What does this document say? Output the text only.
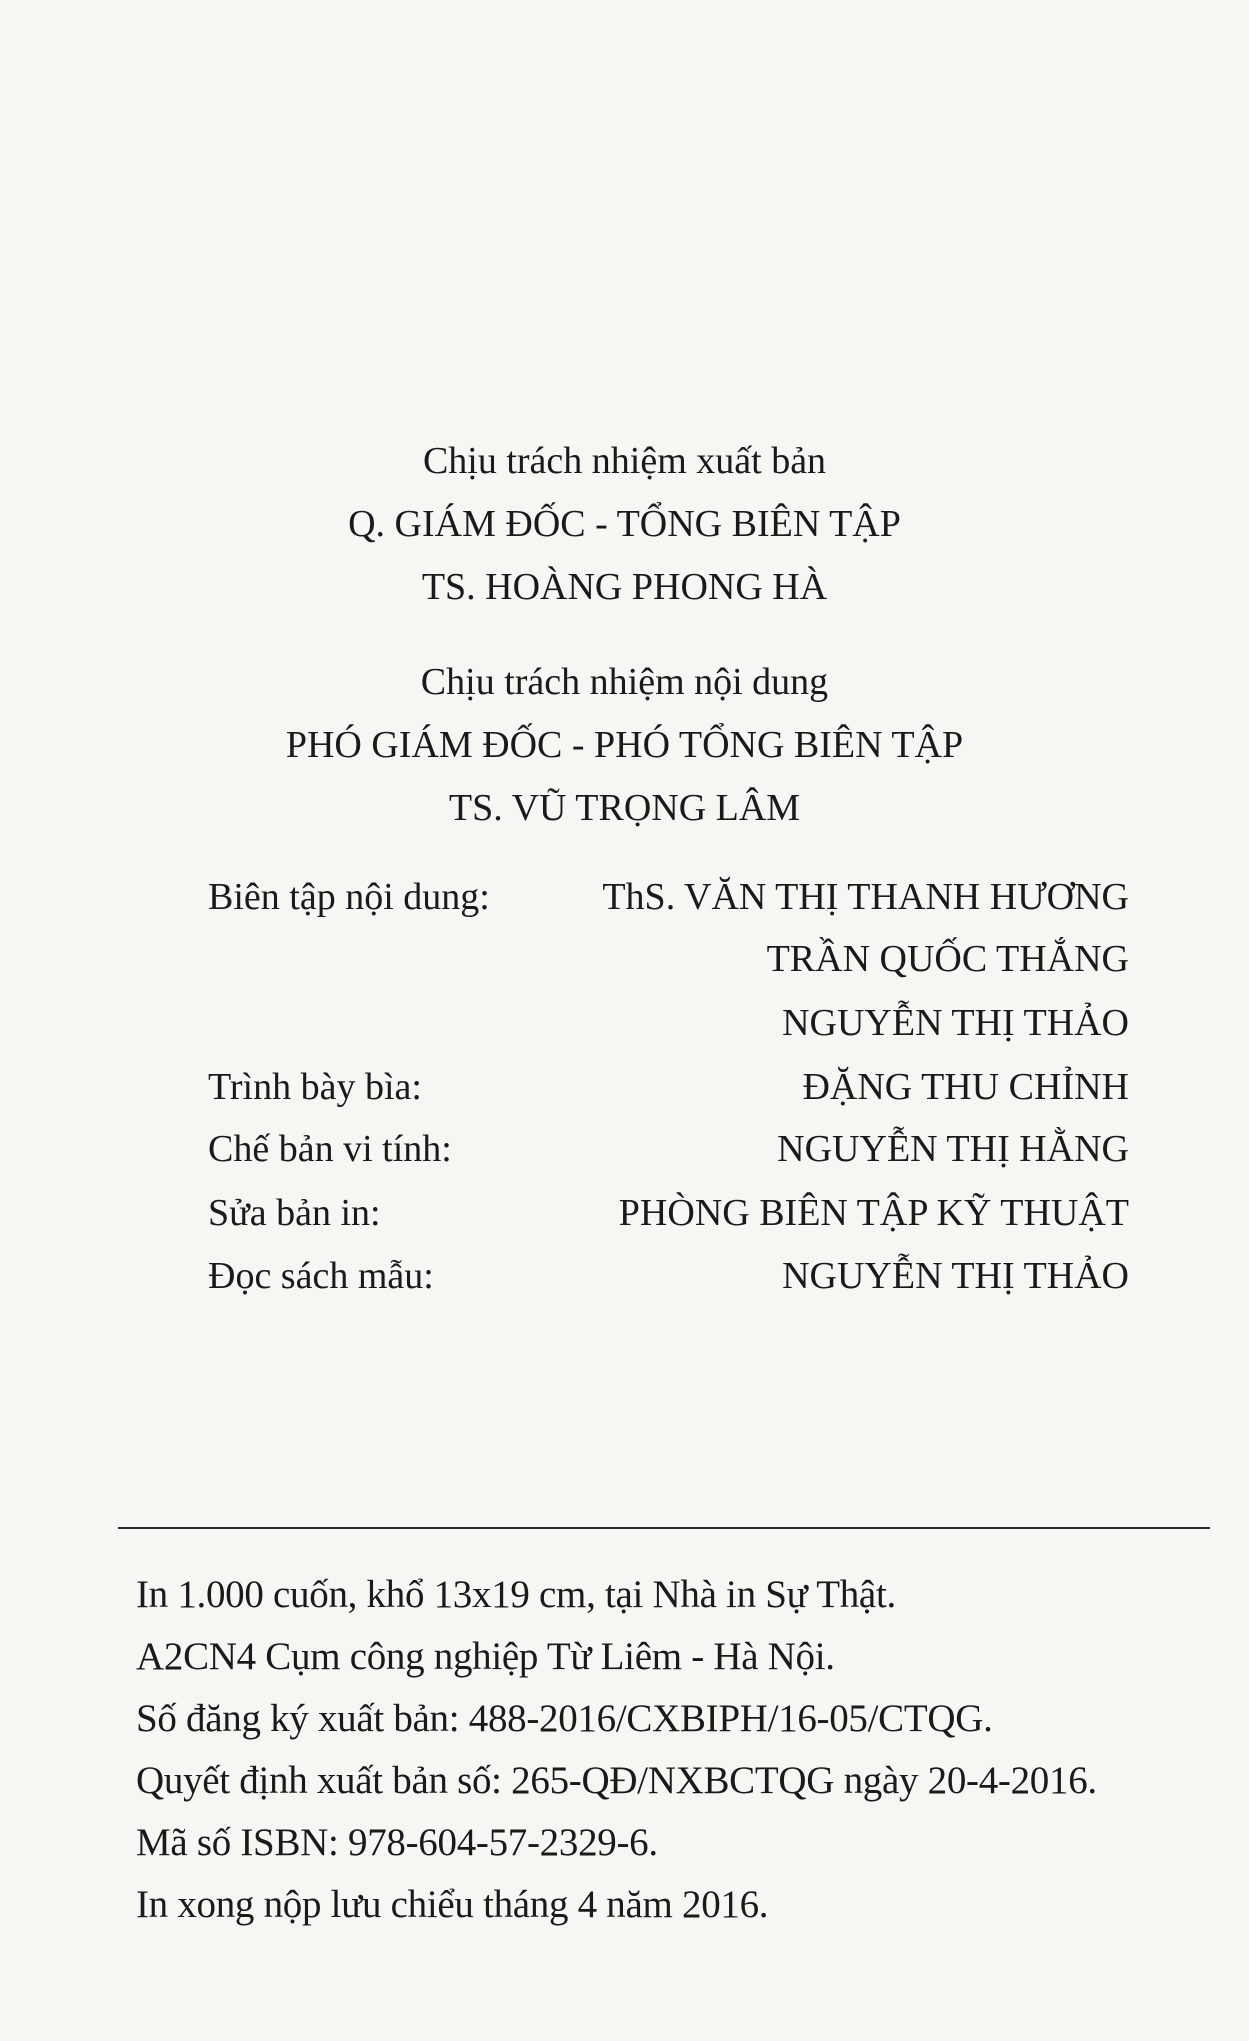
Chịu trách nhiệm xuất bản
Q. GIÁM ĐỐC - TỔNG BIÊN TẬP
TS. HOÀNG PHONG HÀ
Chịu trách nhiệm nội dung
PHÓ GIÁM ĐỐC - PHÓ TỔNG BIÊN TẬP
TS. VŨ TRỌNG LÂM
Biên tập nội dung:	ThS. VĂN THỊ THANH HƯƠNG
TRẦN QUỐC THẮNG
NGUYỄN THỊ THẢO
Trình bày bìa:	ĐẶNG THU CHỈNH
Chế bản vi tính:	NGUYỄN THỊ HẰNG
Sửa bản in:	PHÒNG BIÊN TẬP KỸ THUẬT
Đọc sách mẫu:	NGUYỄN THỊ THẢO
In 1.000 cuốn, khổ 13x19 cm, tại Nhà in Sự Thật.
A2CN4 Cụm công nghiệp Từ Liêm - Hà Nội.
Số đăng ký xuất bản: 488-2016/CXBIPH/16-05/CTQG.
Quyết định xuất bản số: 265-QĐ/NXBCTQG ngày 20-4-2016.
Mã số ISBN: 978-604-57-2329-6.
In xong nộp lưu chiểu tháng 4 năm 2016.
